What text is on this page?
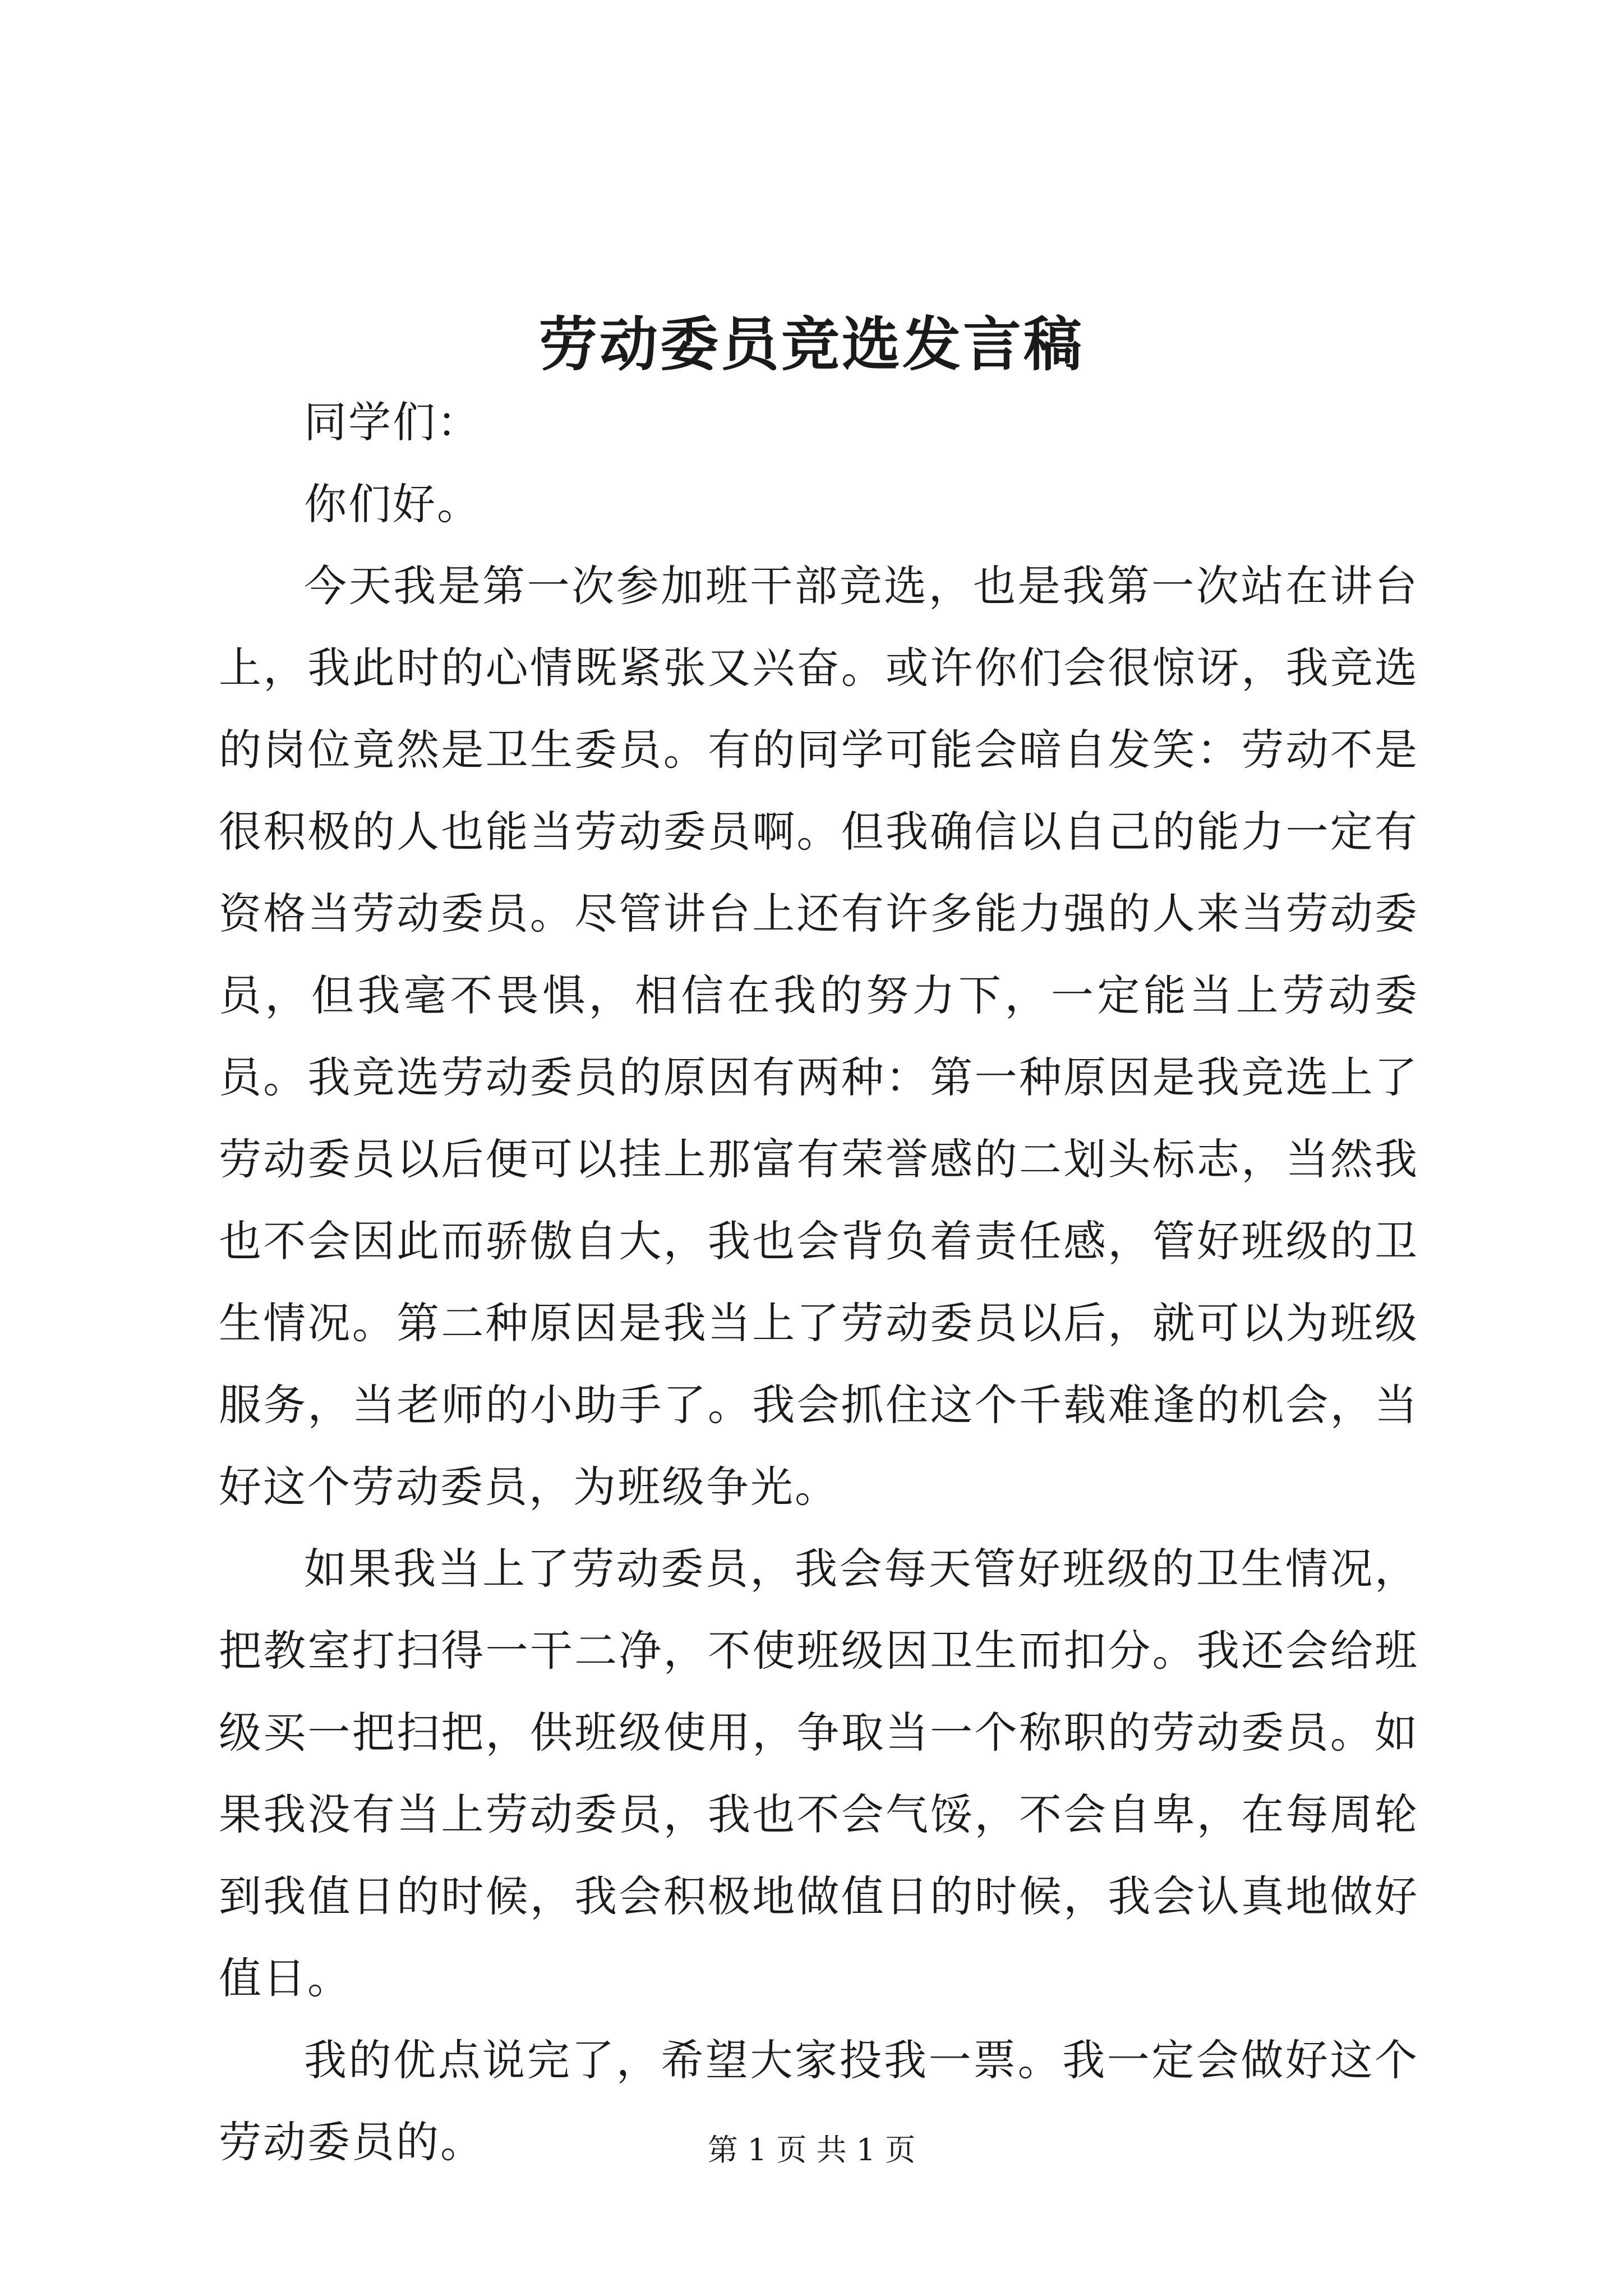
劳动委员竞选发言稿

同学们：

你们好。

今天我是第一次参加班干部竞选，也是我第一次站在讲台上，我此时的心情既紧张又兴奋。或许你们会很惊讶，我竞选的岗位竟然是卫生委员。有的同学可能会暗自发笑：劳动不是很积极的人也能当劳动委员啊。但我确信以自己的能力一定有资格当劳动委员。尽管讲台上还有许多能力强的人来当劳动委员，但我毫不畏惧，相信在我的努力下，一定能当上劳动委员。我竞选劳动委员的原因有两种：第一种原因是我竞选上了劳动委员以后便可以挂上那富有荣誉感的二划头标志，当然我也不会因此而骄傲自大，我也会背负着责任感，管好班级的卫生情况。第二种原因是我当上了劳动委员以后，就可以为班级服务，当老师的小助手了。我会抓住这个千载难逢的机会，当好这个劳动委员，为班级争光。

如果我当上了劳动委员，我会每天管好班级的卫生情况，把教室打扫得一干二净，不使班级因卫生而扣分。我还会给班级买一把扫把，供班级使用，争取当一个称职的劳动委员。如果我没有当上劳动委员，我也不会气馁，不会自卑，在每周轮到我值日的时候，我会积极地做值日的时候，我会认真地做好值日。

我的优点说完了，希望大家投我一票。我一定会做好这个劳动委员的。	第 1 页 共 1 页
